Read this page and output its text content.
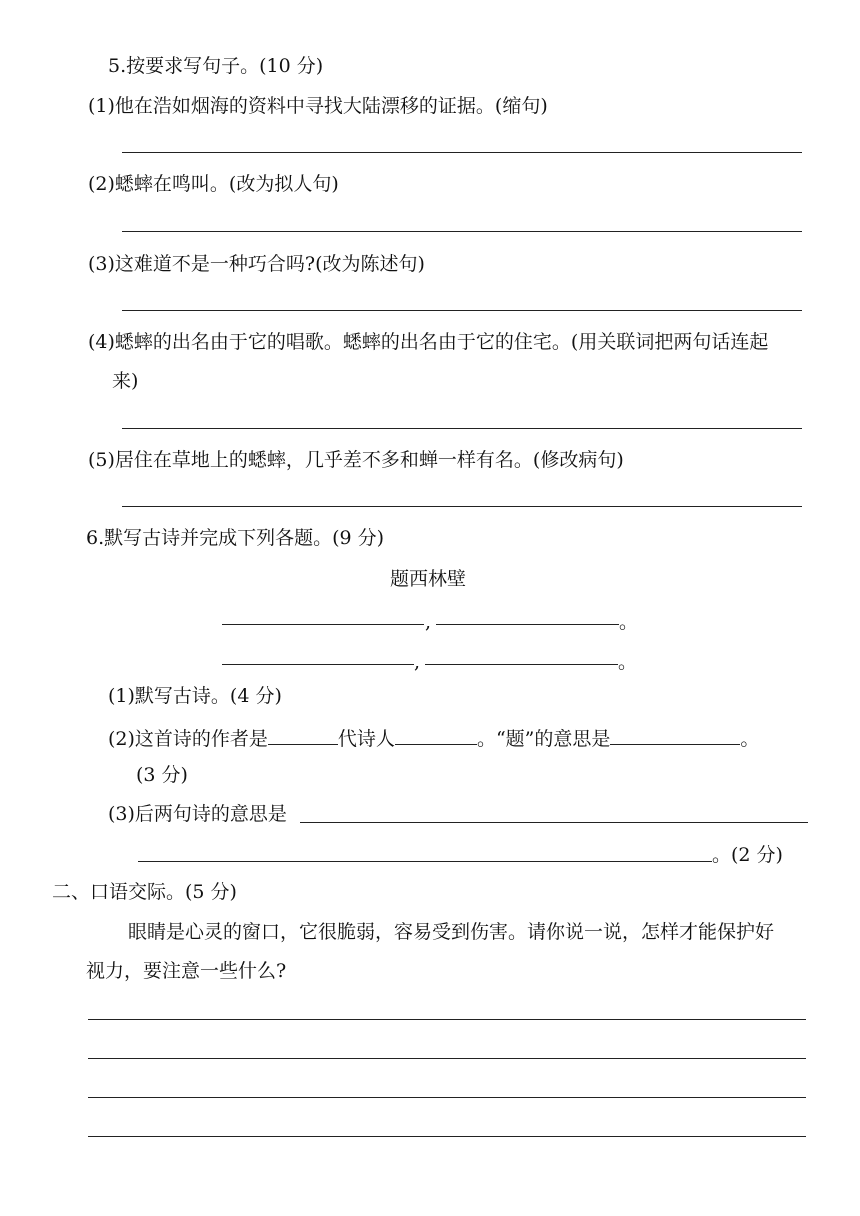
5.按要求写句子。(10 分)
(1)他在浩如烟海的资料中寻找大陆漂移的证据。(缩句)
(2)蟋蟀在鸣叫。(改为拟人句)
(3)这难道不是一种巧合吗?(改为陈述句)
(4)蟋蟀的出名由于它的唱歌。蟋蟀的出名由于它的住宅。(用关联词把两句话连起
来)
(5)居住在草地上的蟋蟀，几乎差不多和蝉一样有名。(修改病句)
6.默写古诗并完成下列各题。(9 分)
题西林壁
,	。
,	。
(1)默写古诗。(4 分)
(2)这首诗的作者是	代诗人	。“题”的意思是	。
(3 分)
(3)后两句诗的意思是
。(2 分)
二、口语交际。(5 分)
眼睛是心灵的窗口，它很脆弱，容易受到伤害。请你说一说，怎样才能保护好
视力，要注意一些什么?
